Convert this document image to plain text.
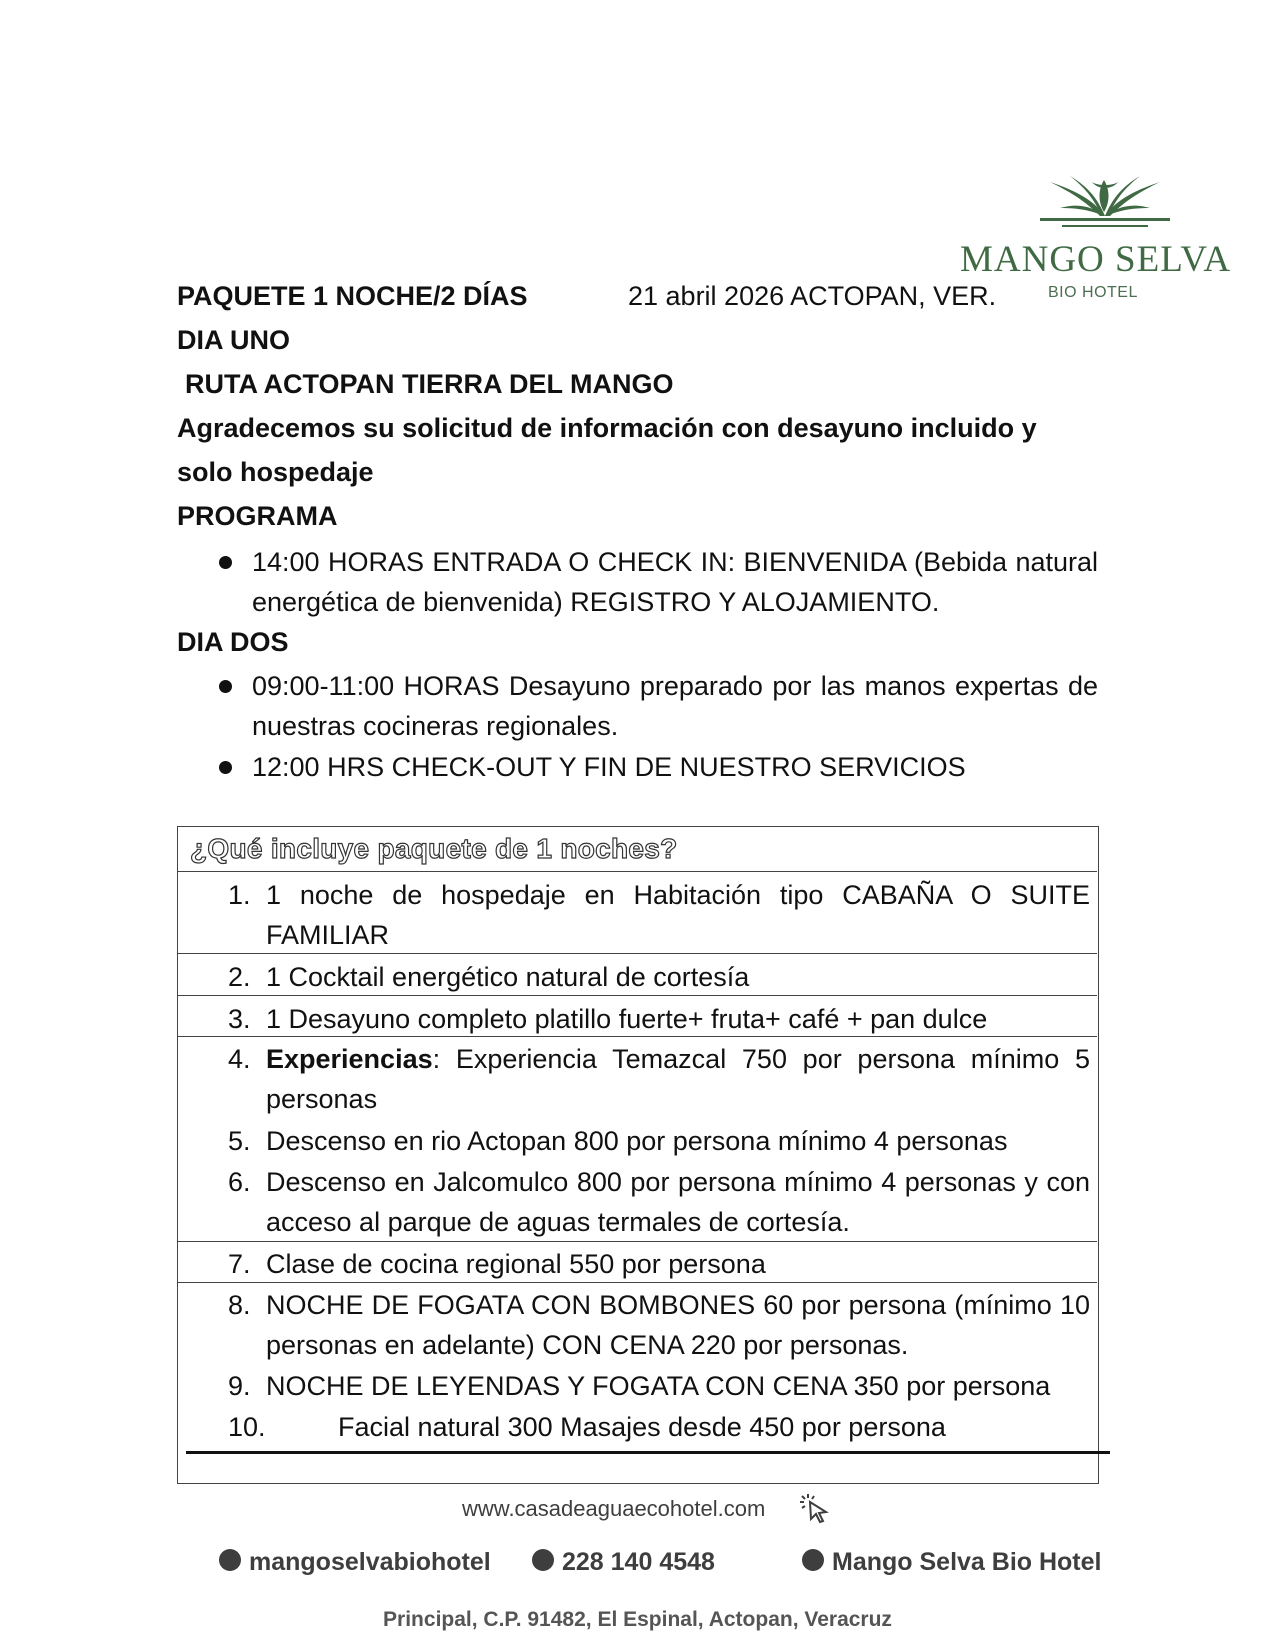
MANGO SELVA
BIO HOTEL
PAQUETE 1 NOCHE/2 DÍAS	21 abril 2026 ACTOPAN, VER.
DIA UNO
RUTA ACTOPAN TIERRA DEL MANGO
Agradecemos su solicitud de información con desayuno incluido y
solo hospedaje
PROGRAMA
14:00 HORAS ENTRADA O CHECK IN: BIENVENIDA (Bebida natural energética de bienvenida) REGISTRO Y ALOJAMIENTO.
DIA DOS
09:00-11:00 HORAS Desayuno preparado por las manos expertas de nuestras cocineras regionales.
12:00 HRS CHECK-OUT Y FIN DE NUESTRO SERVICIOS
¿Qué incluye paquete de 1 noches?
1. 1 noche de hospedaje en Habitación tipo CABAÑA O SUITE FAMILIAR
2. 1 Cocktail energético natural de cortesía
3. 1 Desayuno completo platillo fuerte+ fruta+ café + pan dulce
4. Experiencias: Experiencia Temazcal 750 por persona mínimo 5 personas
5. Descenso en rio Actopan 800 por persona mínimo 4 personas
6. Descenso en Jalcomulco 800 por persona mínimo 4 personas y con acceso al parque de aguas termales de cortesía.
7. Clase de cocina regional 550 por persona
8. NOCHE DE FOGATA CON BOMBONES 60 por persona (mínimo 10 personas en adelante) CON CENA 220 por personas.
9. NOCHE DE LEYENDAS Y FOGATA CON CENA 350 por persona
10.	Facial natural 300 Masajes desde 450 por persona
www.casadeaguaecohotel.com
mangoselvabiohotel	228 140 4548	Mango Selva Bio Hotel
Principal, C.P. 91482, El Espinal, Actopan, Veracruz
